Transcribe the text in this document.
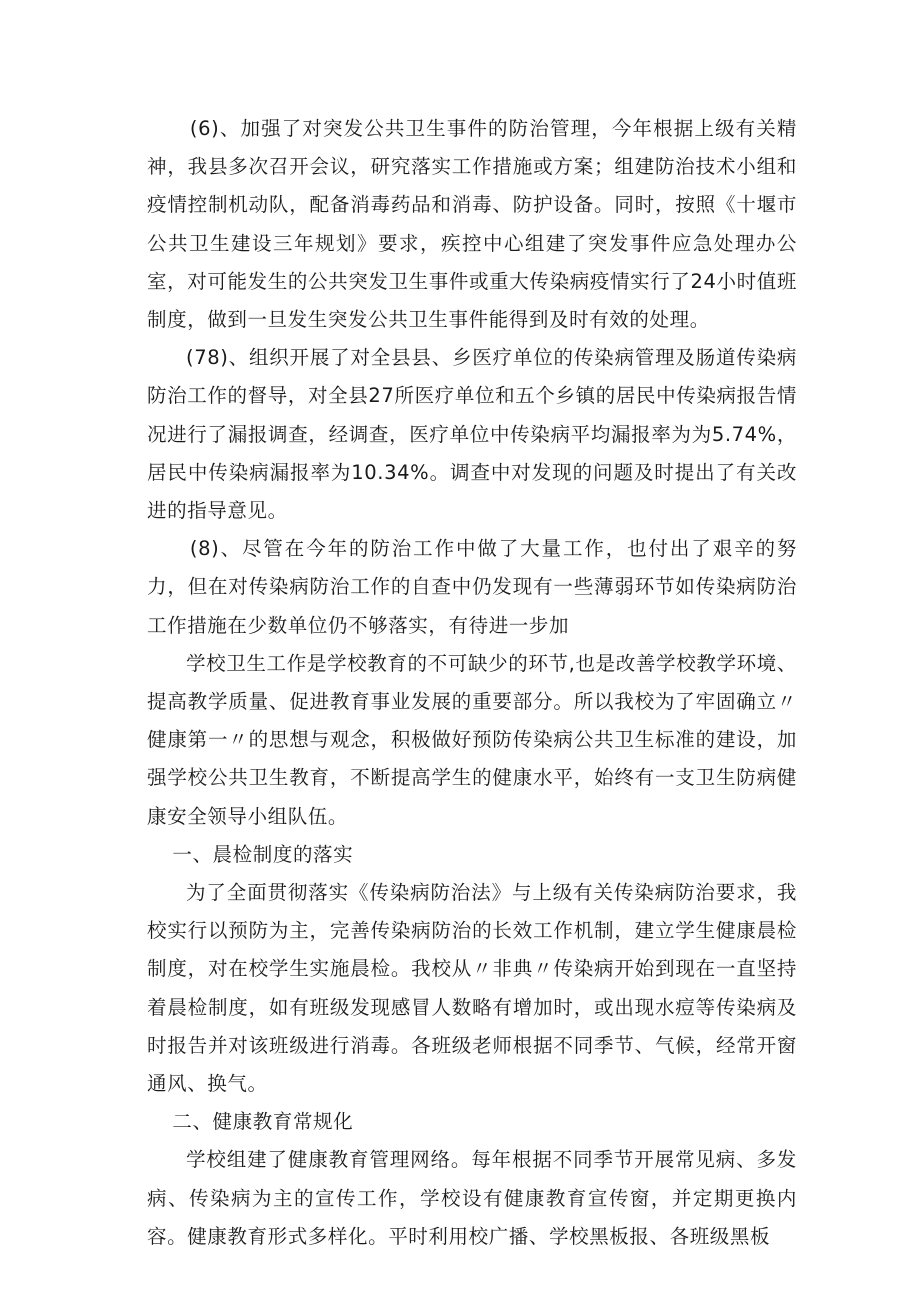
(6)、加强了对突发公共卫生事件的防治管理，今年根据上级有关精神，我县多次召开会议，研究落实工作措施或方案；组建防治技术小组和疫情控制机动队，配备消毒药品和消毒、防护设备。同时，按照《十堰市公共卫生建设三年规划》要求，疾控中心组建了突发事件应急处理办公室，对可能发生的公共突发卫生事件或重大传染病疫情实行了24小时值班制度，做到一旦发生突发公共卫生事件能得到及时有效的处理。

(78)、组织开展了对全县县、乡医疗单位的传染病管理及肠道传染病防治工作的督导，对全县27所医疗单位和五个乡镇的居民中传染病报告情况进行了漏报调查，经调查，医疗单位中传染病平均漏报率为为5.74%，居民中传染病漏报率为10.34%。调查中对发现的问题及时提出了有关改进的指导意见。

(8)、尽管在今年的防治工作中做了大量工作，也付出了艰辛的努力，但在对传染病防治工作的自查中仍发现有一些薄弱环节如传染病防治工作措施在少数单位仍不够落实，有待进一步加

学校卫生工作是学校教育的不可缺少的环节,也是改善学校教学环境、提高教学质量、促进教育事业发展的重要部分。所以我校为了牢固确立〃健康第一〃的思想与观念，积极做好预防传染病公共卫生标准的建设，加强学校公共卫生教育，不断提高学生的健康水平，始终有一支卫生防病健康安全领导小组队伍。

一、晨检制度的落实

为了全面贯彻落实《传染病防治法》与上级有关传染病防治要求，我校实行以预防为主，完善传染病防治的长效工作机制，建立学生健康晨检制度，对在校学生实施晨检。我校从〃非典〃传染病开始到现在一直坚持着晨检制度，如有班级发现感冒人数略有增加时，或出现水痘等传染病及时报告并对该班级进行消毒。各班级老师根据不同季节、气候，经常开窗通风、换气。

二、健康教育常规化

学校组建了健康教育管理网络。每年根据不同季节开展常见病、多发病、传染病为主的宣传工作，学校设有健康教育宣传窗，并定期更换内容。健康教育形式多样化。平时利用校广播、学校黑板报、各班级黑板
